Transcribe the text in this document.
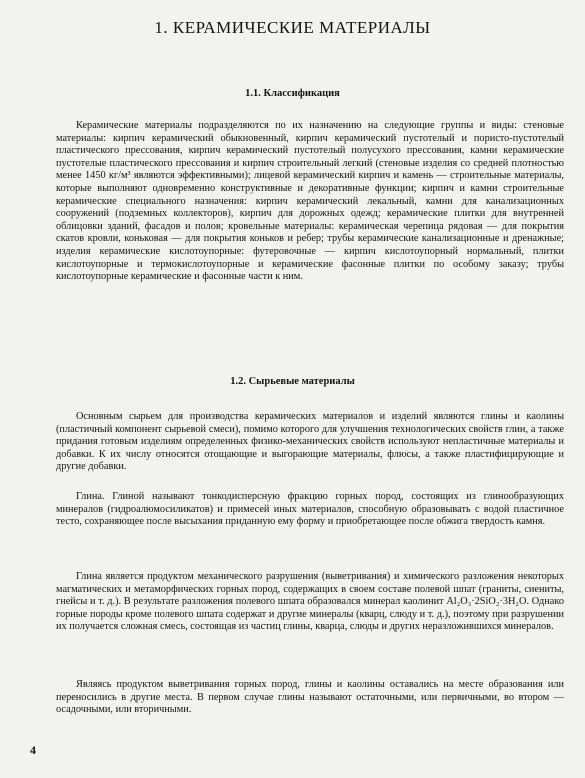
1. КЕРАМИЧЕСКИЕ МАТЕРИАЛЫ
1.1. Классификация

Керамические материалы подразделяются по их назначению на следующие группы и виды: стеновые материалы: кирпич керамический обыкновенный, кирпич керамический пустотелый и пористо-пустотелый пластического прессования, кирпич керамический пустотелый полусухого прессования, камни керамические пустотелые пластического прессования и кирпич строительный легкий (стеновые изделия со средней плотностью менее 1450 кг/м³ являются эффективными); лицевой керамический кирпич и камень — строительные материалы, которые выполняют одновременно конструктивные и декоративные функции; кирпич и камни строительные керамические специального назначения: кирпич керамический лекальный, камни для канализационных сооружений (подземных коллекторов), кирпич для дорожных одежд; керамические плитки для внутренней облицовки зданий, фасадов и полов; кровельные материалы: керамическая черепица рядовая — для покрытия скатов кровли, коньковая — для покрытия коньков и ребер; трубы керамические канализационные и дренажные; изделия керамические кислотоупорные: футеровочные — кирпич кислотоупорный нормальный, плитки кислотоупорные и термокислотоупорные и керамические фасонные плитки по особому заказу; трубы кислотоупорные керамические и фасонные части к ним.

1.2. Сырьевые материалы

Основным сырьем для производства керамических материалов и изделий являются глины и каолины (пластичный компонент сырьевой смеси), помимо которого для улучшения технологических свойств глин, а также придания готовым изделиям определенных физико-механических свойств используют непластичные материалы и добавки. К их числу относятся отощающие и выгорающие материалы, флюсы, а также пластифицирующие и другие добавки.

Глина. Глиной называют тонкодисперсную фракцию горных пород, состоящих из глинообразующих минералов (гидроалюмосиликатов) и примесей иных материалов, способную образовывать с водой пластичное тесто, сохраняющее после высыхания приданную ему форму и приобретающее после обжига твердость камня.

Глина является продуктом механического разрушения (выветривания) и химического разложения некоторых магматических и метаморфических горных пород, содержащих в своем составе полевой шпат (граниты, сиениты, гнейсы и т. д.). В результате разложения полевого шпата образовался минерал каолинит Al₂O₃·2SiO₂·3H₂O. Однако горные породы кроме полевого шпата содержат и другие минералы (кварц, слюду и т. д.), поэтому при разрушении их получается сложная смесь, состоящая из частиц глины, кварца, слюды и других неразложившихся минералов.

Являясь продуктом выветривания горных пород, глины и каолины оставались на месте образования или переносились в другие места. В первом случае глины называют остаточными, или первичными, во втором — осадочными, или вторичными.

4
